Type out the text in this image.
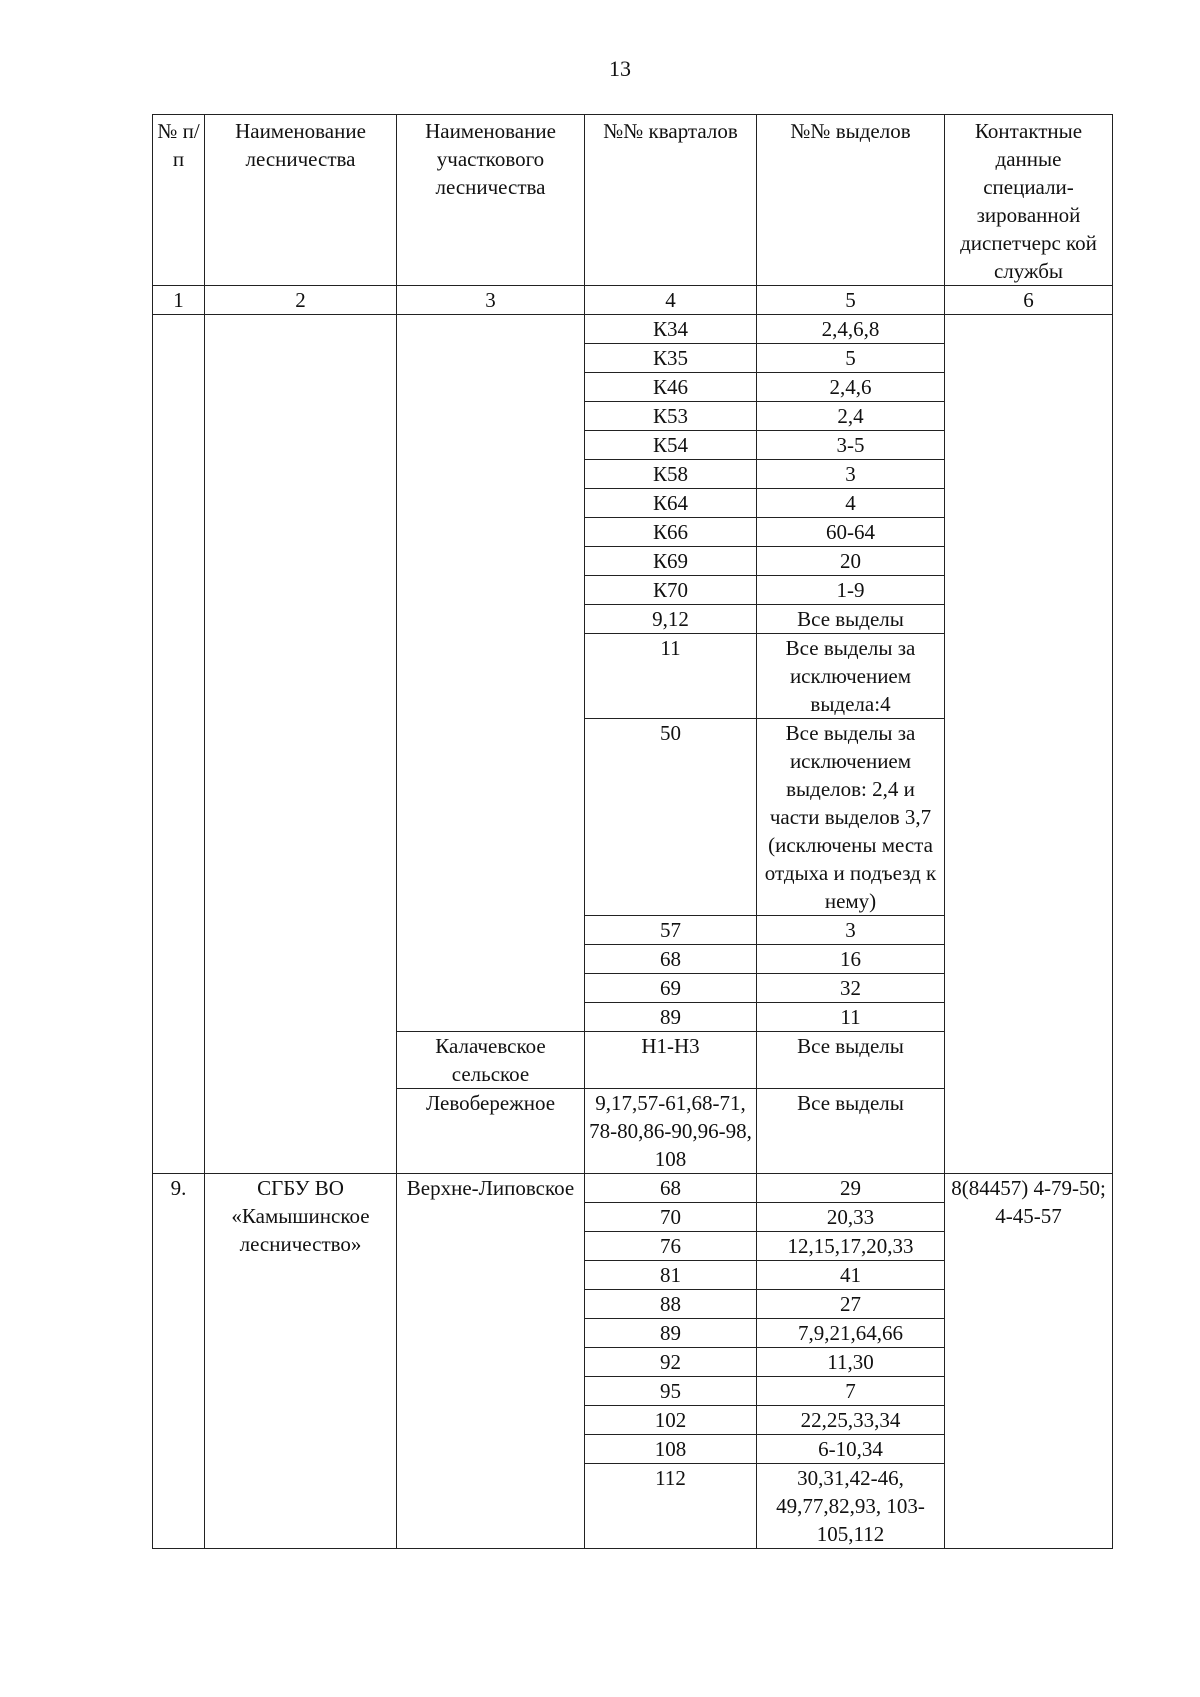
13
№ п/п	Наименование лесничества	Наименование участкового лесничества	№№ кварталов	№№ выделов	Контактные данные специали-зированной диспетчерс кой службы
1	2	3	4	5	6
			К34	2,4,6,8	
			К35	5	
			К46	2,4,6	
			К53	2,4	
			К54	3-5	
			К58	3	
			К64	4	
			К66	60-64	
			К69	20	
			К70	1-9	
			9,12	Все выделы	
			11	Все выделы за исключением выдела:4	
			50	Все выделы за исключением выделов: 2,4 и части выделов 3,7 (исключены места отдыха и подъезд к нему)	
			57	3	
			68	16	
			69	32	
			89	11	
		Калачевское сельское	Н1-Н3	Все выделы	
		Левобережное	9,17,57-61,68-71, 78-80,86-90,96-98, 108	Все выделы	
9.	СГБУ ВО «Камышинское лесничество»	Верхне-Липовское	68	29	8(84457) 4-79-50; 4-45-57
			70	20,33	
			76	12,15,17,20,33	
			81	41	
			88	27	
			89	7,9,21,64,66	
			92	11,30	
			95	7	
			102	22,25,33,34	
			108	6-10,34	
			112	30,31,42-46, 49,77,82,93, 103-105,112	
